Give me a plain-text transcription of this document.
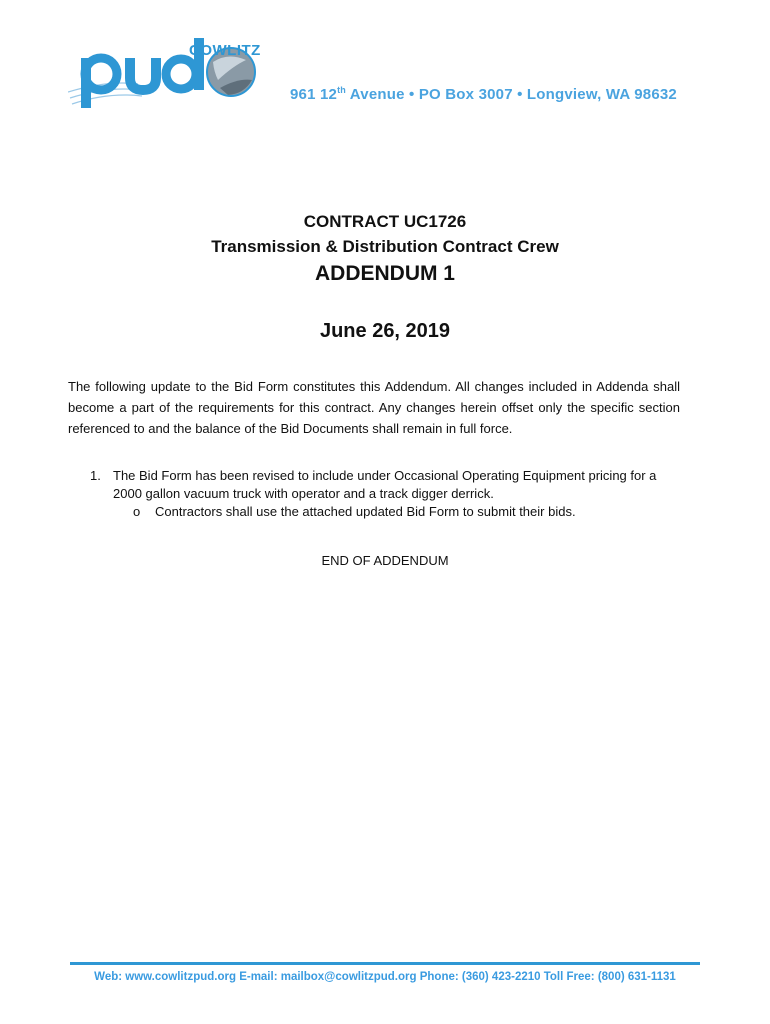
COWLITZ
961 12th Avenue • PO Box 3007 • Longview, WA 98632
CONTRACT UC1726
Transmission & Distribution Contract Crew
ADDENDUM 1
June 26, 2019
The following update to the Bid Form constitutes this Addendum. All changes included in Addenda shall become a part of the requirements for this contract. Any changes herein offset only the specific section referenced to and the balance of the Bid Documents shall remain in full force.
1. The Bid Form has been revised to include under Occasional Operating Equipment pricing for a 2000 gallon vacuum truck with operator and a track digger derrick.
o Contractors shall use the attached updated Bid Form to submit their bids.
END OF ADDENDUM
Web: www.cowlitzpud.org E-mail: mailbox@cowlitzpud.org Phone: (360) 423-2210 Toll Free: (800) 631-1131
